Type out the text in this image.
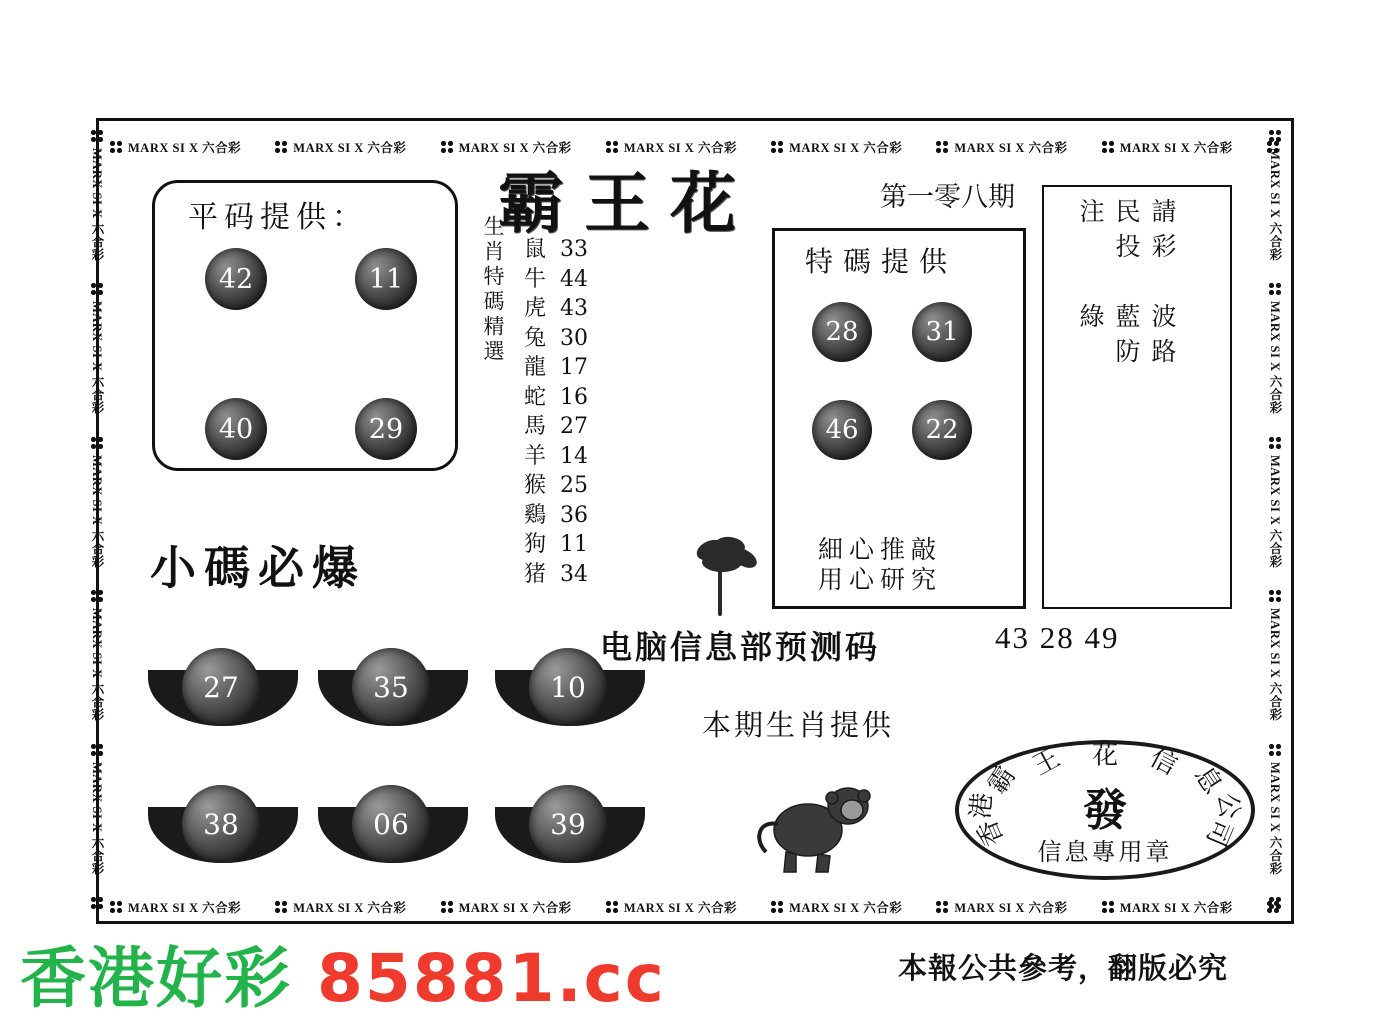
MARX SI X 六合彩	MARX SI X 六合彩	MARX SI X 六合彩	MARX SI X 六合彩	MARX SI X 六合彩	MARX SI X 六合彩	MARX SI X 六合彩
MARX SI X 六合彩	MARX SI X 六合彩	MARX SI X 六合彩	MARX SI X 六合彩	MARX SI X 六合彩	MARX SI X 六合彩	MARX SI X 六合彩
MARX SI X 六合彩
MARX SI X 六合彩
MARX SI X 六合彩
MARX SI X 六合彩
MARX SI X 六合彩
MARX SI X 六合彩
MARX SI X 六合彩
MARX SI X 六合彩
MARX SI X 六合彩
MARX SI X 六合彩
霸王花	第一零八期
平码提供：
42	11
40	29
小碼必爆
27	35	10
38	06	39
生肖特碼精選 鼠 33
牛 44
虎 43
兔 30
龍 17
蛇 16
馬 27
羊 14
猴 25
鷄 36
狗 11
猪 34
特碼提供
28	31
46	22
細心推敲
用心研究
請彩民投注
波路藍防綠
电脑信息部预测码	43 28 49
本期生肖提供
香
港
霸 王 花 信 息
公
司
發
信息專用章
本報公共參考，翻版必究
香港好彩 85881.cc
